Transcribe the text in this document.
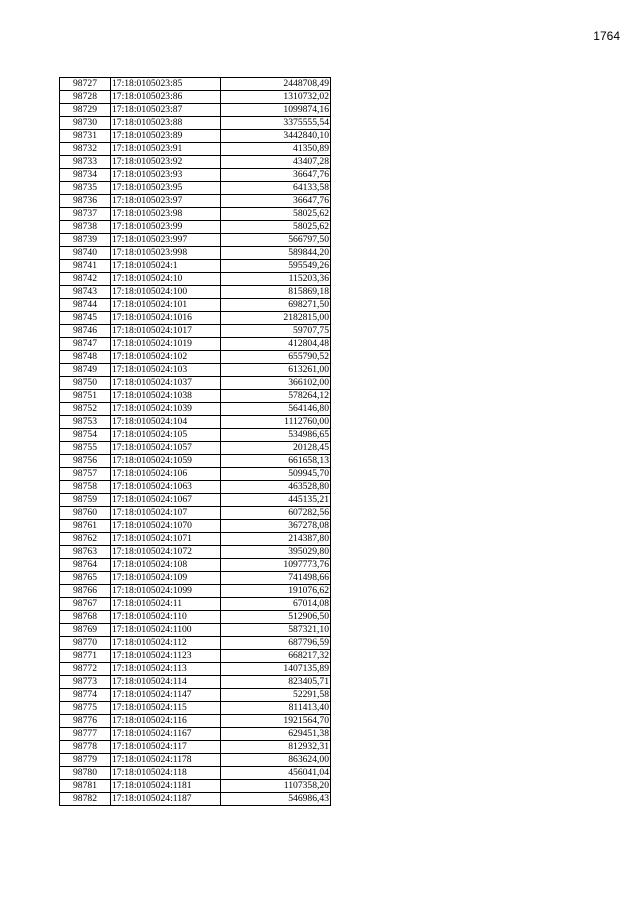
1764
98727	17:18:0105023:85	2448708,49
98728	17:18:0105023:86	1310732,02
98729	17:18:0105023:87	1099874,16
98730	17:18:0105023:88	3375555,54
98731	17:18:0105023:89	3442840,10
98732	17:18:0105023:91	41350,89
98733	17:18:0105023:92	43407,28
98734	17:18:0105023:93	36647,76
98735	17:18:0105023:95	64133,58
98736	17:18:0105023:97	36647,76
98737	17:18:0105023:98	58025,62
98738	17:18:0105023:99	58025,62
98739	17:18:0105023:997	566797,50
98740	17:18:0105023:998	589844,20
98741	17:18:0105024:1	595549,26
98742	17:18:0105024:10	115203,36
98743	17:18:0105024:100	815869,18
98744	17:18:0105024:101	698271,50
98745	17:18:0105024:1016	2182815,00
98746	17:18:0105024:1017	59707,75
98747	17:18:0105024:1019	412804,48
98748	17:18:0105024:102	655790,52
98749	17:18:0105024:103	613261,00
98750	17:18:0105024:1037	366102,00
98751	17:18:0105024:1038	578264,12
98752	17:18:0105024:1039	564146,80
98753	17:18:0105024:104	1112760,00
98754	17:18:0105024:105	534986,65
98755	17:18:0105024:1057	20128,45
98756	17:18:0105024:1059	661658,13
98757	17:18:0105024:106	509945,70
98758	17:18:0105024:1063	463528,80
98759	17:18:0105024:1067	445135,21
98760	17:18:0105024:107	607282,56
98761	17:18:0105024:1070	367278,08
98762	17:18:0105024:1071	214387,80
98763	17:18:0105024:1072	395029,80
98764	17:18:0105024:108	1097773,76
98765	17:18:0105024:109	741498,66
98766	17:18:0105024:1099	191076,62
98767	17:18:0105024:11	67014,08
98768	17:18:0105024:110	512906,50
98769	17:18:0105024:1100	587321,10
98770	17:18:0105024:112	687796,59
98771	17:18:0105024:1123	668217,32
98772	17:18:0105024:113	1407135,89
98773	17:18:0105024:114	823405,71
98774	17:18:0105024:1147	52291,58
98775	17:18:0105024:115	811413,40
98776	17:18:0105024:116	1921564,70
98777	17:18:0105024:1167	629451,38
98778	17:18:0105024:117	812932,31
98779	17:18:0105024:1178	863624,00
98780	17:18:0105024:118	456041,04
98781	17:18:0105024:1181	1107358,20
98782	17:18:0105024:1187	546986,43
